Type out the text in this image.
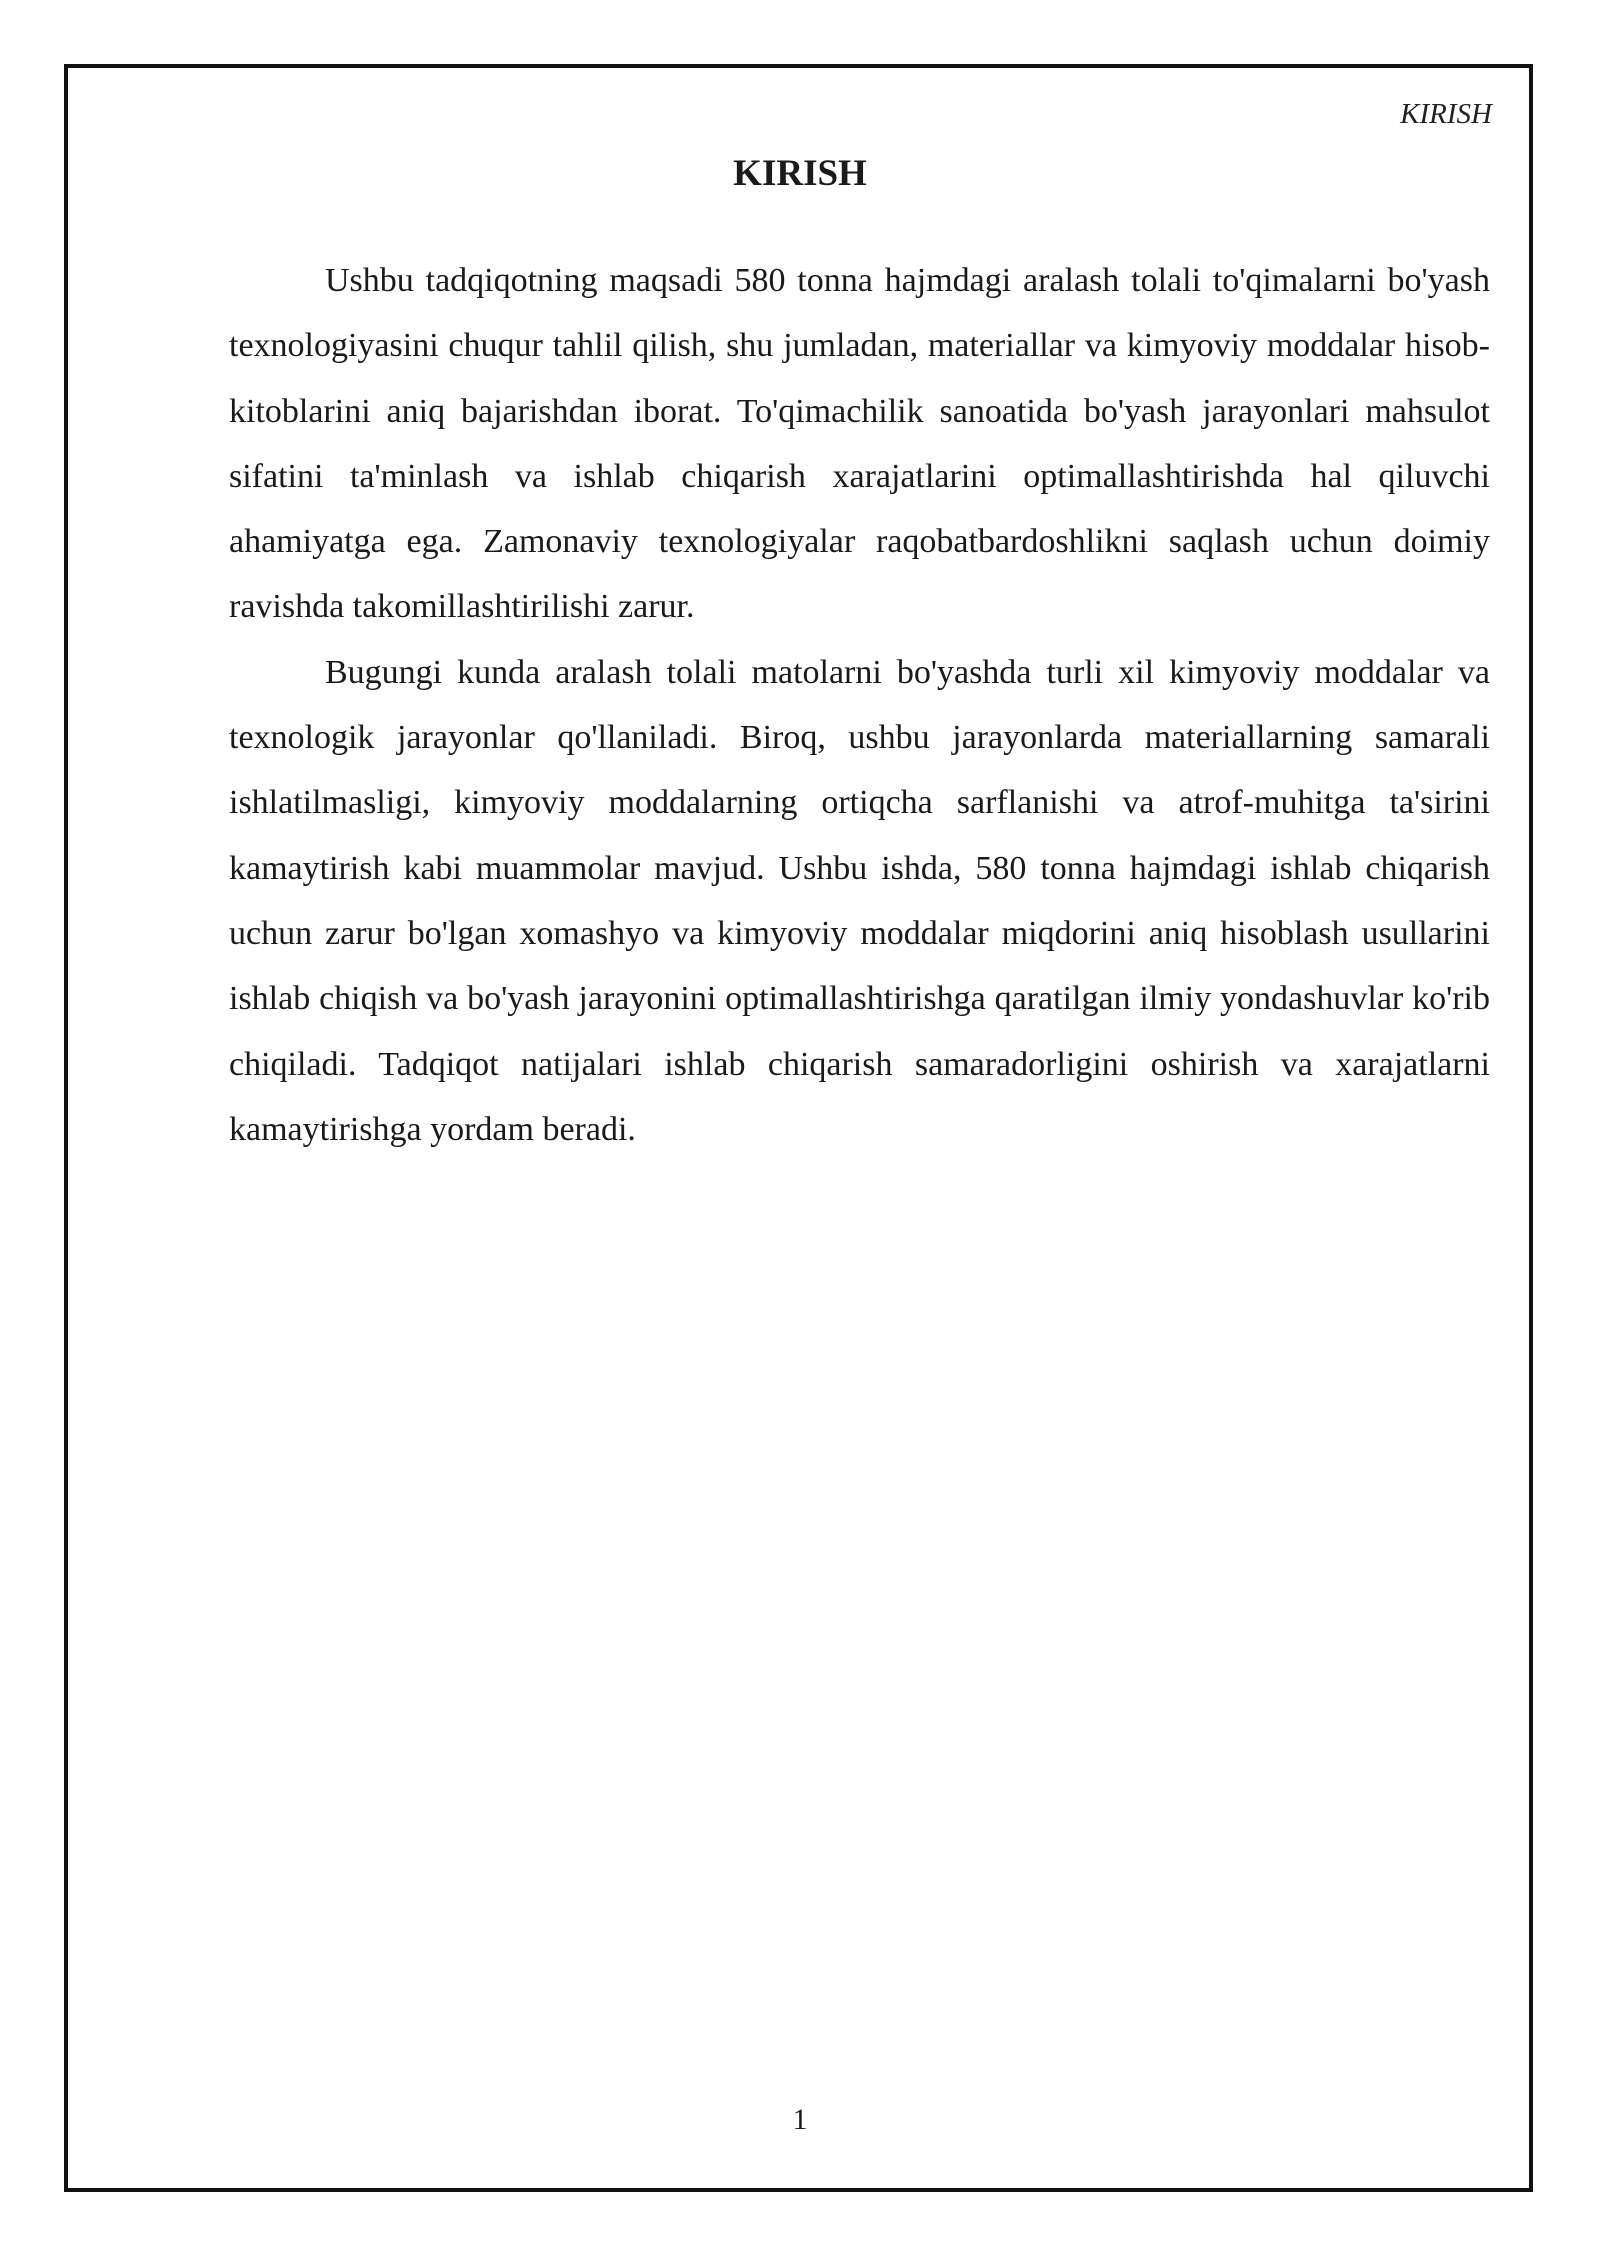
KIRISH
KIRISH

Ushbu tadqiqotning maqsadi 580 tonna hajmdagi aralash tolali to'qimalarni bo'yash texnologiyasini chuqur tahlil qilish, shu jumladan, materiallar va kimyoviy moddalar hisob-kitoblarini aniq bajarishdan iborat. To'qimachilik sanoatida bo'yash jarayonlari mahsulot sifatini ta'minlash va ishlab chiqarish xarajatlarini optimallashtirishda hal qiluvchi ahamiyatga ega. Zamonaviy texnologiyalar raqobatbardoshlikni saqlash uchun doimiy ravishda takomillashtirilishi zarur.

Bugungi kunda aralash tolali matolarni bo'yashda turli xil kimyoviy moddalar va texnologik jarayonlar qo'llaniladi. Biroq, ushbu jarayonlarda materiallarning samarali ishlatilmasligi, kimyoviy moddalarning ortiqcha sarflanishi va atrof-muhitga ta'sirini kamaytirish kabi muammolar mavjud. Ushbu ishda, 580 tonna hajmdagi ishlab chiqarish uchun zarur bo'lgan xomashyo va kimyoviy moddalar miqdorini aniq hisoblash usullarini ishlab chiqish va bo'yash jarayonini optimallashtirishga qaratilgan ilmiy yondashuvlar ko'rib chiqiladi. Tadqiqot natijalari ishlab chiqarish samaradorligini oshirish va xarajatlarni kamaytirishga yordam beradi.

1
